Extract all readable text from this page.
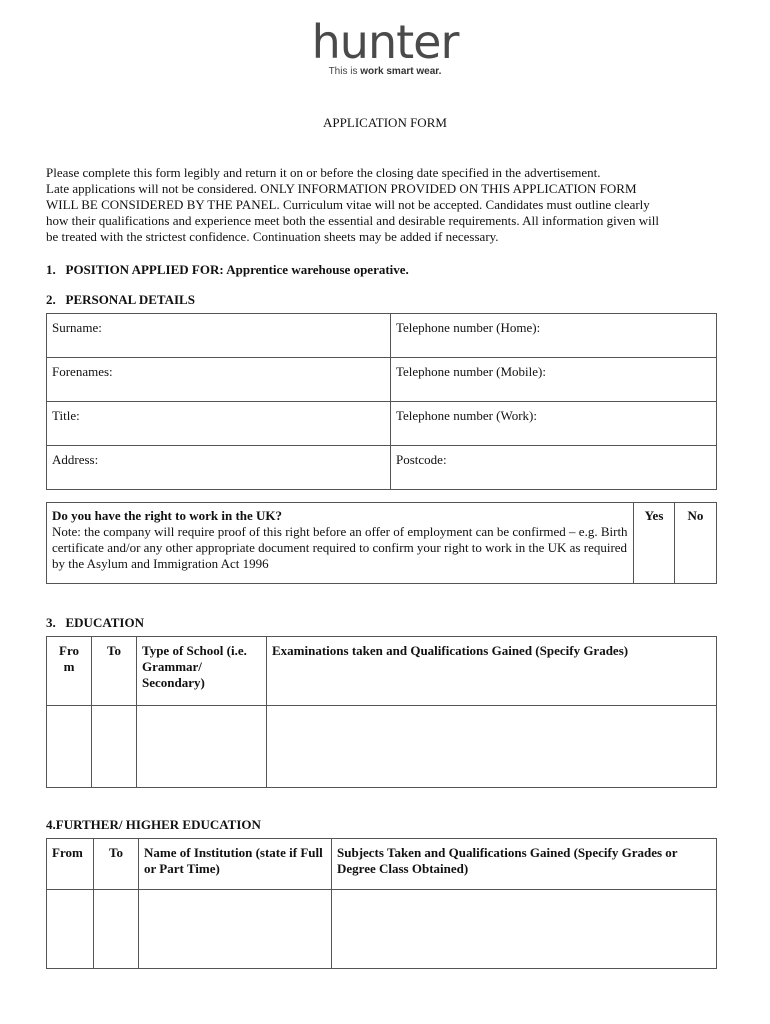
hunter
This is work smart wear.
APPLICATION FORM
Please complete this form legibly and return it on or before the closing date specified in the advertisement.
Late applications will not be considered. ONLY INFORMATION PROVIDED ON THIS APPLICATION FORM
WILL BE CONSIDERED BY THE PANEL. Curriculum vitae will not be accepted. Candidates must outline clearly
how their qualifications and experience meet both the essential and desirable requirements. All information given will
be treated with the strictest confidence. Continuation sheets may be added if necessary.
1.   POSITION APPLIED FOR: Apprentice warehouse operative.
2.   PERSONAL DETAILS
Surname:	Telephone number (Home):
Forenames:	Telephone number (Mobile):
Title:	Telephone number (Work):
Address:	Postcode:
Do you have the right to work in the UK?
Note: the company will require proof of this right before an offer of employment can be confirmed – e.g. Birth certificate and/or any other appropriate document required to confirm your right to work in the UK as required by the Asylum and Immigration Act 1996
	Yes	No
3.   EDUCATION
Fro m	To	Type of School (i.e. Grammar/ Secondary)	Examinations taken and Qualifications Gained (Specify Grades)

4.FURTHER/ HIGHER EDUCATION
From	To	Name of Institution (state if Full or Part Time)	Subjects Taken and Qualifications Gained (Specify Grades or Degree Class Obtained)
